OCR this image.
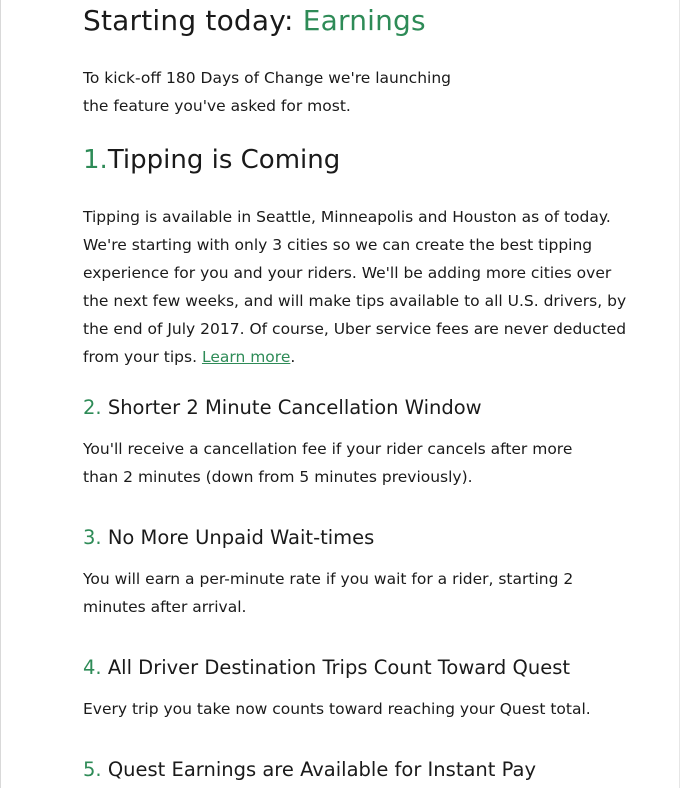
Starting today: Earnings

To kick-off 180 Days of Change we're launching
the feature you've asked for most.

1.Tipping is Coming

Tipping is available in Seattle, Minneapolis and Houston as of today. We're starting with only 3 cities so we can create the best tipping experience for you and your riders. We'll be adding more cities over the next few weeks, and will make tips available to all U.S. drivers, by the end of July 2017. Of course, Uber service fees are never deducted from your tips. Learn more.

2. Shorter 2 Minute Cancellation Window

You'll receive a cancellation fee if your rider cancels after more than 2 minutes (down from 5 minutes previously).

3. No More Unpaid Wait-times

You will earn a per-minute rate if you wait for a rider, starting 2 minutes after arrival.

4. All Driver Destination Trips Count Toward Quest

Every trip you take now counts toward reaching your Quest total.

5. Quest Earnings are Available for Instant Pay
